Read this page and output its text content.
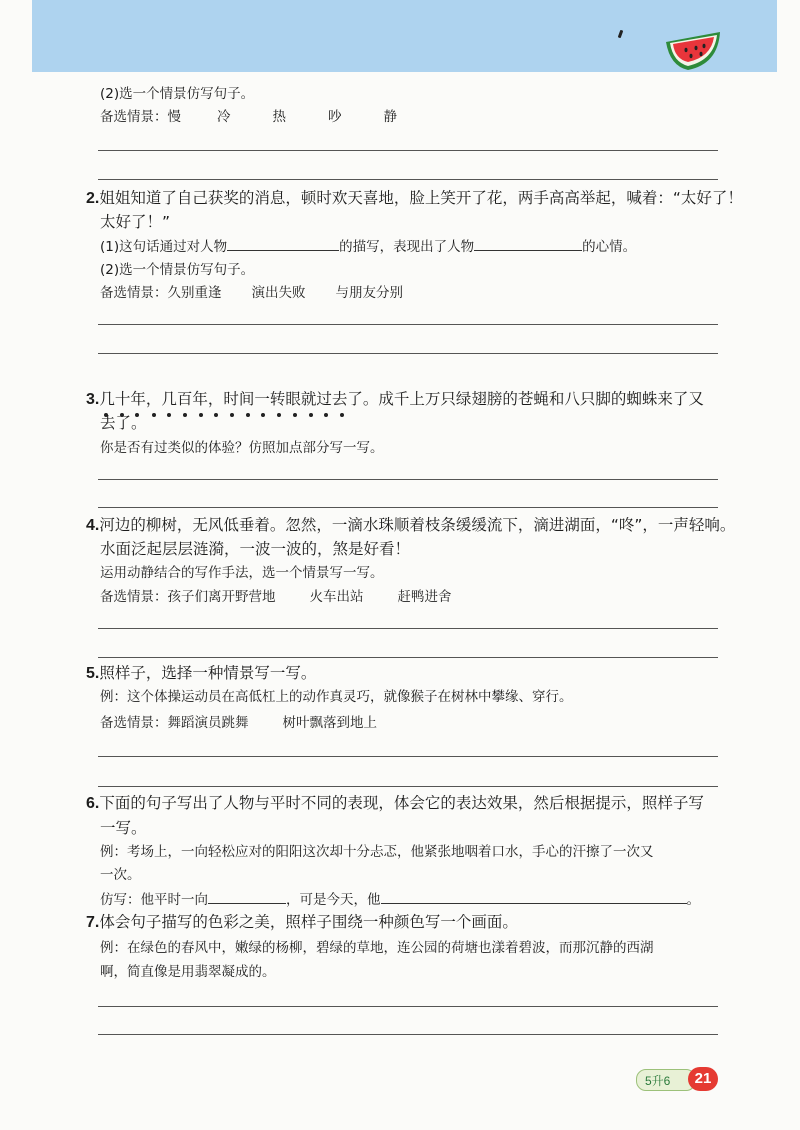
(2)选一个情景仿写句子。
备选情景：慢	冷	热	吵	静
2.姐姐知道了自己获奖的消息，顿时欢天喜地，脸上笑开了花，两手高高举起，喊着：“太好了！
太好了！”
(1)这句话通过对人物	的描写，表现出了人物	的心情。
(2)选一个情景仿写句子。
备选情景：久别重逢 演出失败 与朋友分别
3.几十年，几百年，时间一转眼就过去了
。成千上万只绿翅膀的苍蝇和八只脚的蜘蛛来了又
去了。
你是否有过类似的体验？仿照加点部分写一写。
4.河边的柳树，无风低垂着。忽然，一滴水珠顺着枝条缓缓流下，滴进湖面，“咚”，一声轻响。
水面泛起层层涟漪，一波一波的，煞是好看！
运用动静结合的写作手法，选一个情景写一写。
备选情景：孩子们离开野营地	火车出站	赶鸭进舍
5.照样子，选择一种情景写一写。
例：这个体操运动员在高低杠上的动作真灵巧，就像猴子在树林中攀缘、穿行。
备选情景：舞蹈演员跳舞	树叶飘落到地上
6.下面的句子写出了人物与平时不同的表现，体会它的表达效果，然后根据提示，照样子写
一写。
例：考场上，一向轻松应对的阳阳这次却十分忐忑，他紧张地咽着口水，手心的汗擦了一次又
一次。
仿写：他平时一向	，可是今天，他	。
7.体会句子描写的色彩之美，照样子围绕一种颜色写一个画面。
例：在绿色的春风中，嫩绿的杨柳，碧绿的草地，连公园的荷塘也漾着碧波，而那沉静的西湖
啊，简直像是用翡翠凝成的。
5升6	21
